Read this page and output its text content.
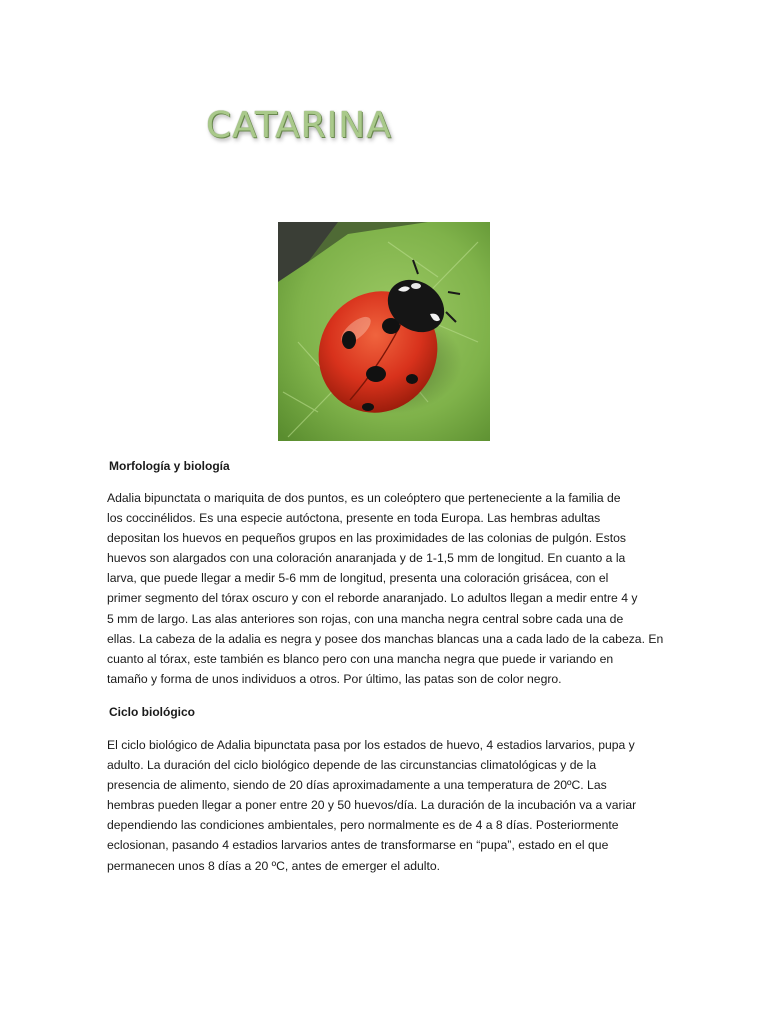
CATARINA
Morfología y biología
Adalia bipunctata o mariquita de dos puntos, es un coleóptero que perteneciente a la familia de
los coccinélidos. Es una especie autóctona, presente en toda Europa. Las hembras adultas
depositan los huevos en pequeños grupos en las proximidades de las colonias de pulgón. Estos
huevos son alargados con una coloración anaranjada y de 1-1,5 mm de longitud. En cuanto a la
larva, que puede llegar a medir 5-6 mm de longitud, presenta una coloración grisácea, con el
primer segmento del tórax oscuro y con el reborde anaranjado. Lo adultos llegan a medir entre 4 y
5 mm de largo. Las alas anteriores son rojas, con una mancha negra central sobre cada una de
ellas. La cabeza de la adalia es negra y posee dos manchas blancas una a cada lado de la cabeza. En
cuanto al tórax, este también es blanco pero con una mancha negra que puede ir variando en
tamaño y forma de unos individuos a otros. Por último, las patas son de color negro.
Ciclo biológico
El ciclo biológico de Adalia bipunctata pasa por los estados de huevo, 4 estadios larvarios, pupa y
adulto. La duración del ciclo biológico depende de las circunstancias climatológicas y de la
presencia de alimento, siendo de 20 días aproximadamente a una temperatura de 20ºC. Las
hembras pueden llegar a poner entre 20 y 50 huevos/día. La duración de la incubación va a variar
dependiendo las condiciones ambientales, pero normalmente es de 4 a 8 días. Posteriormente
eclosionan, pasando 4 estadios larvarios antes de transformarse en “pupa”, estado en el que
permanecen unos 8 días a 20 ºC, antes de emerger el adulto.
